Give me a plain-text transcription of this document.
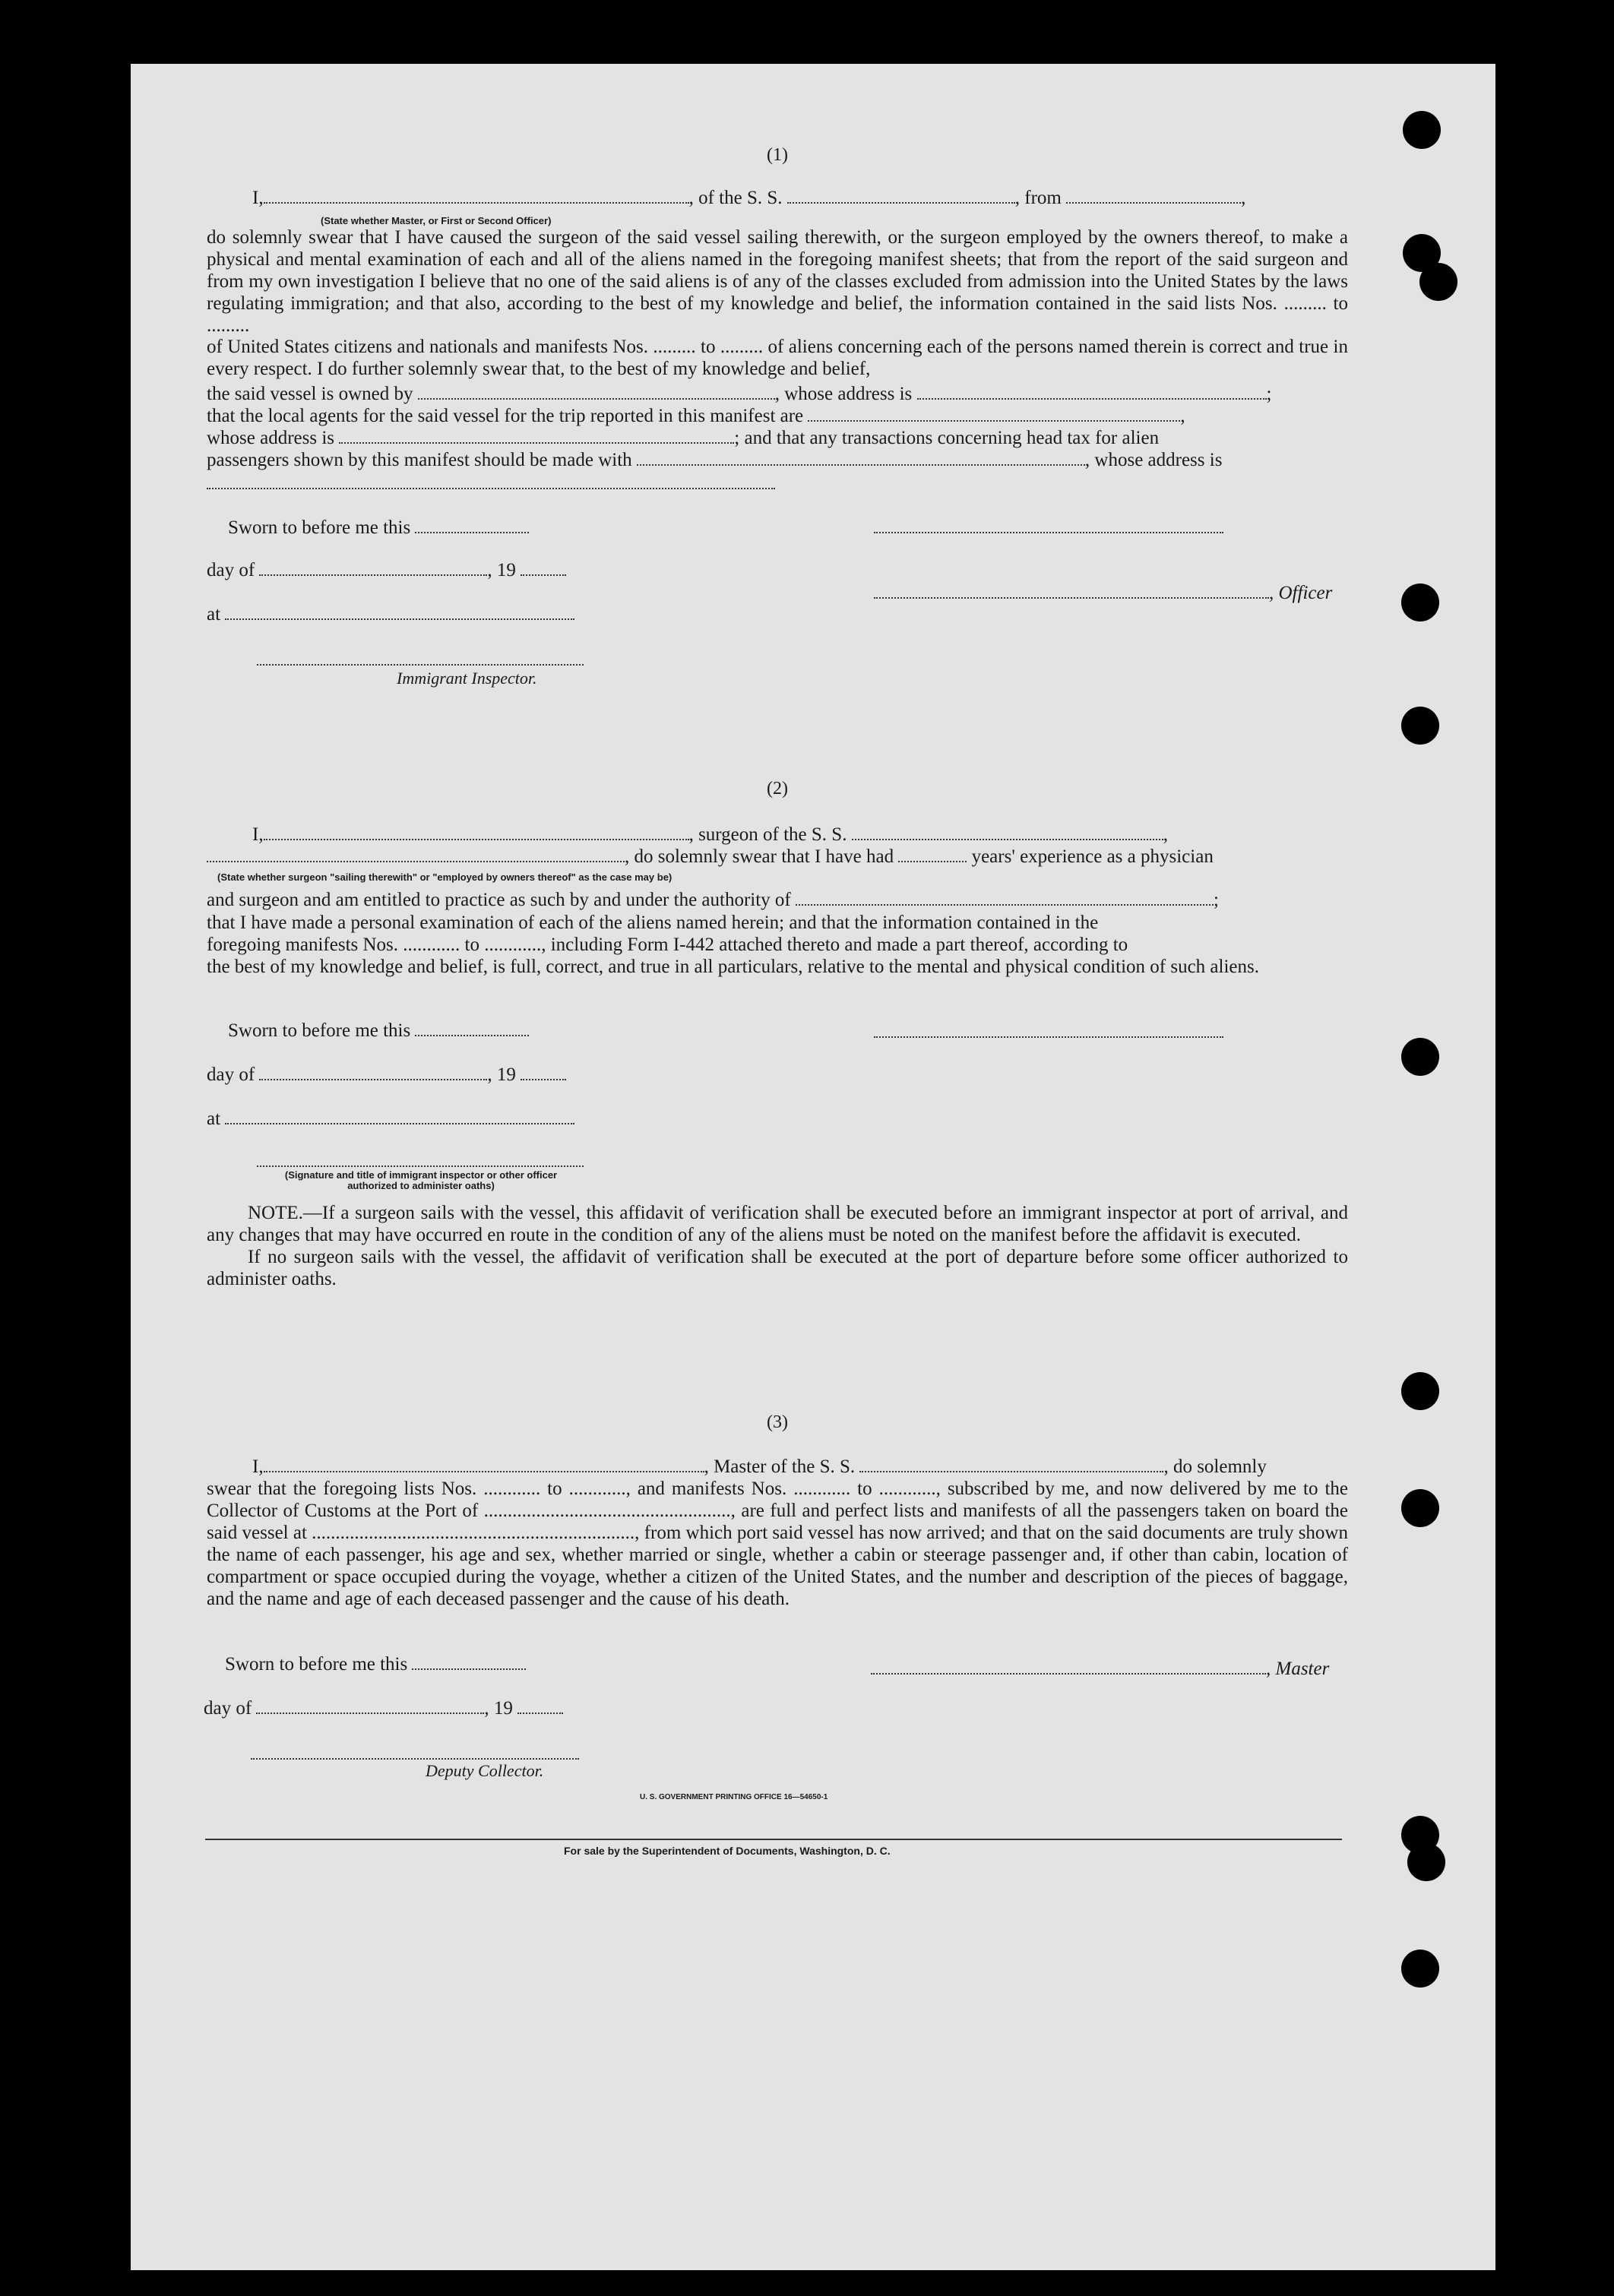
(1)
I,	, of the S. S.	, from	,
(State whether Master, or First or Second Officer)

do solemnly swear that I have caused the surgeon of the said vessel sailing therewith, or the surgeon employed by the owners thereof, to make a physical and mental examination of each and all of the aliens named in the foregoing manifest sheets; that from the report of the said surgeon and from my own investigation I believe that no one of the said aliens is of any of the classes excluded from admission into the United States by the laws regulating immigration; and that also, according to the best of my knowledge and belief, the information contained in the said lists Nos. ......... to .........

of United States citizens and nationals and manifests Nos. ......... to ......... of aliens concerning each of the persons named therein is correct and true in every respect. I do further solemnly swear that, to the best of my knowledge and belief,

the said vessel is owned by	, whose address is	;
that the local agents for the said vessel for the trip reported in this manifest are	,
whose address is	; and that any transactions concerning head tax for alien
passengers shown by this manifest should be made with	, whose address is
Sworn to before me this
day of	, 19
, Officer
at
Immigrant Inspector.
(2)
I,	, surgeon of the S. S.	,
, do solemnly swear that I have had	years' experience as a physician
(State whether surgeon "sailing therewith" or "employed by owners thereof" as the case may be)
and surgeon and am entitled to practice as such by and under the authority of	;

that I have made a personal examination of each of the aliens named herein; and that the information contained in the

foregoing manifests Nos. ............ to ............, including Form I-442 attached thereto and made a part thereof, according to

the best of my knowledge and belief, is full, correct, and true in all particulars, relative to the mental and physical condition of such aliens.

Sworn to before me this
day of	, 19
at
(Signature and title of immigrant inspector or other officer authorized to administer oaths)

NOTE.—If a surgeon sails with the vessel, this affidavit of verification shall be executed before an immigrant inspector at port of arrival, and any changes that may have occurred en route in the condition of any of the aliens must be noted on the manifest before the affidavit is executed.

If no surgeon sails with the vessel, the affidavit of verification shall be executed at the port of departure before some officer authorized to administer oaths.

(3)
I,	, Master of the S. S.	, do solemnly

swear that the foregoing lists Nos. ............ to ............, and manifests Nos. ............ to ............, subscribed by me, and now delivered by me to the Collector of Customs at the Port of ...................................................., are full and perfect lists and manifests of all the passengers taken on board the said vessel at ...................................................................., from which port said vessel has now arrived; and that on the said documents are truly shown the name of each passenger, his age and sex, whether married or single, whether a cabin or steerage passenger and, if other than cabin, location of compartment or space occupied during the voyage, whether a citizen of the United States, and the number and description of the pieces of baggage, and the name and age of each deceased passenger and the cause of his death.

Sworn to before me this	, Master
day of	, 19
Deputy Collector.
U. S. GOVERNMENT PRINTING OFFICE 16—54650-1
For sale by the Superintendent of Documents, Washington, D. C.
